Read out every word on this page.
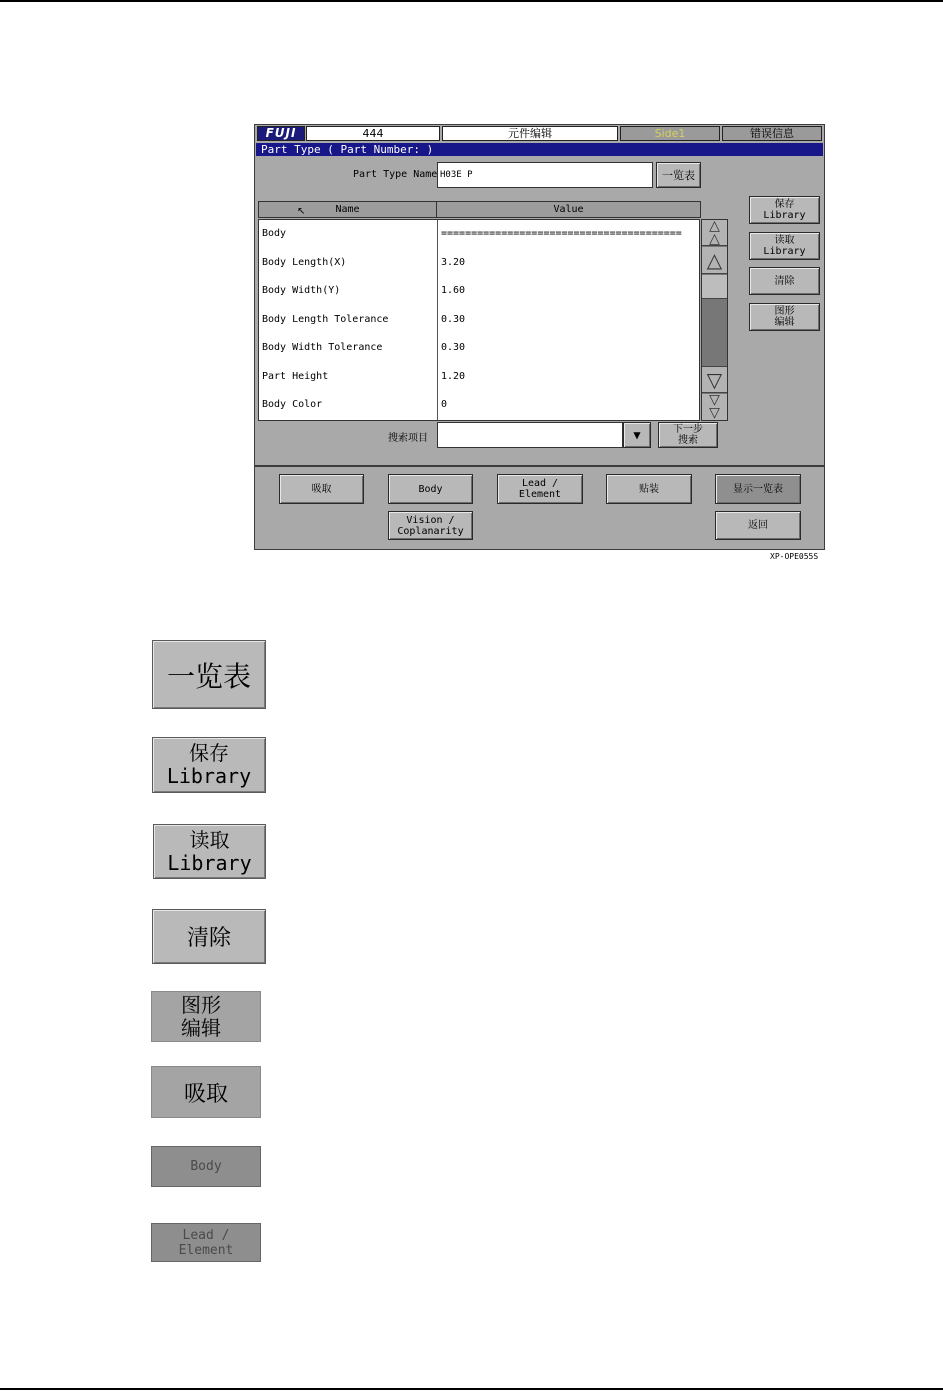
FUJI	444	元件编辑	Side1	错误信息
Part Type ( Part Number: )
Part Type Name H03E P	一览表
Name	Value
↖
Body	========================================
Body Length(X)	3.20
Body Width(Y)	1.60
Body Length Tolerance	0.30
Body Width Tolerance	0.30
Part Height	1.20
Body Color	0
△
△
△
▽
▽
▽
保存
Library
读取
Library
清除
图形
编辑
搜索项目	▼	下一步
搜索
吸取	Body	Lead /
Element	贴装	显示一览表
Vision /
Coplanarity	返回
XP-OPE055S
一览表
保存
Library
读取
Library
清除
图形
编辑
吸取
Body
Lead /
Element
